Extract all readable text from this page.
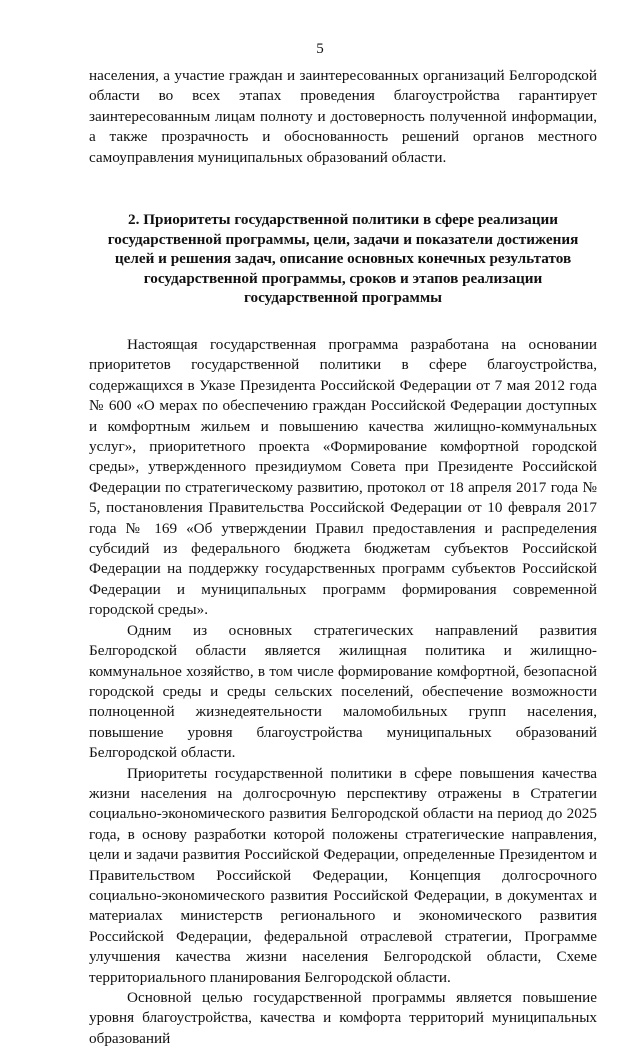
5

населения, а участие граждан и заинтересованных организаций Белгородской области во всех этапах проведения благоустройства гарантирует заинтересованным лицам полноту и достоверность полученной информации, а также прозрачность и обоснованность решений органов местного самоуправления муниципальных образований области.

2. Приоритеты государственной политики в сфере реализации государственной программы, цели, задачи и показатели достижения целей и решения задач, описание основных конечных результатов государственной программы, сроков и этапов реализации государственной программы

Настоящая государственная программа разработана на основании приоритетов государственной политики в сфере благоустройства, содержащихся в Указе Президента Российской Федерации от 7 мая 2012 года № 600 «О мерах по обеспечению граждан Российской Федерации доступных и комфортным жильем и повышению качества жилищно-коммунальных услуг», приоритетного проекта «Формирование комфортной городской среды», утвержденного президиумом Совета при Президенте Российской Федерации по стратегическому развитию, протокол от 18 апреля 2017 года № 5, постановления Правительства Российской Федерации от 10 февраля 2017 года № 169 «Об утверждении Правил предоставления и распределения субсидий из федерального бюджета бюджетам субъектов Российской Федерации на поддержку государственных программ субъектов Российской Федерации и муниципальных программ формирования современной городской среды».

Одним из основных стратегических направлений развития Белгородской области является жилищная политика и жилищно-коммунальное хозяйство, в том числе формирование комфортной, безопасной городской среды и среды сельских поселений, обеспечение возможности полноценной жизнедеятельности маломобильных групп населения, повышение уровня благоустройства муниципальных образований Белгородской области.

Приоритеты государственной политики в сфере повышения качества жизни населения на долгосрочную перспективу отражены в Стратегии социально-экономического развития Белгородской области на период до 2025 года, в основу разработки которой положены стратегические направления, цели и задачи развития Российской Федерации, определенные Президентом и Правительством Российской Федерации, Концепция долгосрочного социально-экономического развития Российской Федерации, в документах и материалах министерств регионального и экономического развития Российской Федерации, федеральной отраслевой стратегии, Программе улучшения качества жизни населения Белгородской области, Схеме территориального планирования Белгородской области.

Основной целью государственной программы является повышение уровня благоустройства, качества и комфорта территорий муниципальных образований
